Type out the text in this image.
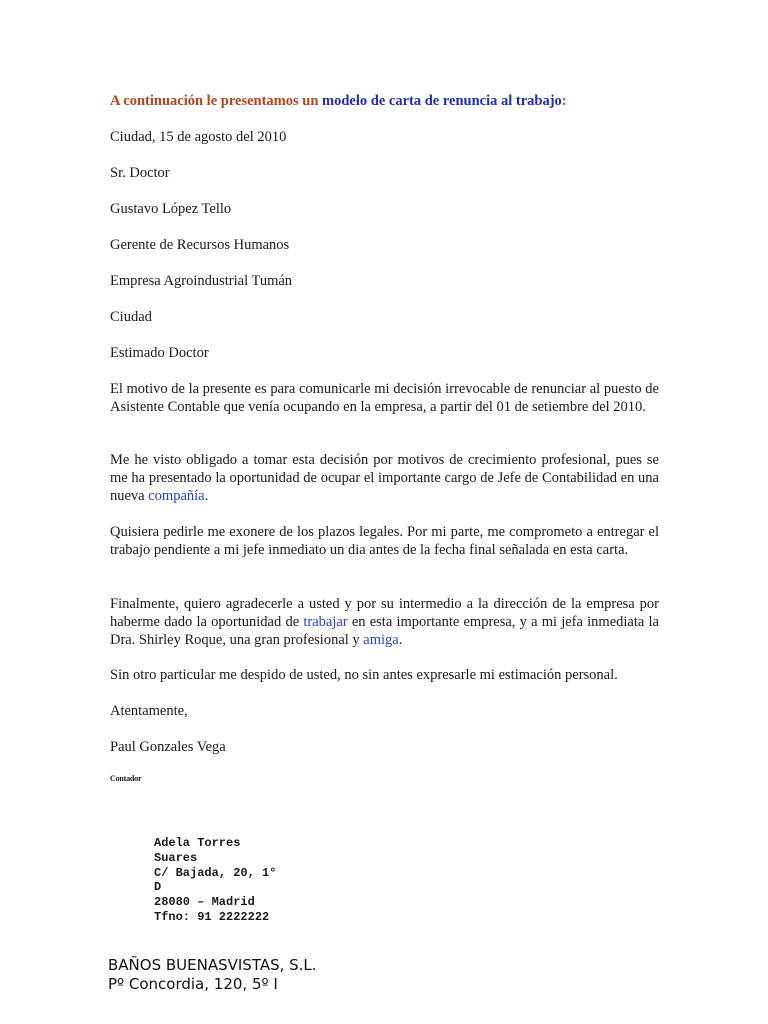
A continuación le presentamos un modelo de carta de renuncia al trabajo:
Ciudad, 15 de agosto del 2010
Sr. Doctor
Gustavo López Tello
Gerente de Recursos Humanos
Empresa Agroindustrial Tumán
Ciudad
Estimado Doctor
El motivo de la presente es para comunicarle mi decisión irrevocable de renunciar al puesto de Asistente Contable que venía ocupando en la empresa, a partir del 01 de setiembre del 2010.
Me he visto obligado a tomar esta decisión por motivos de crecimiento profesional, pues se me ha presentado la oportunidad de ocupar el importante cargo de Jefe de Contabilidad en una nueva compañía.
Quisiera pedirle me exonere de los plazos legales. Por mi parte, me comprometo a entregar el trabajo pendiente a mi jefe inmediato un dia antes de la fecha final señalada en esta carta.
Finalmente, quiero agradecerle a usted y por su intermedio a la dirección de la empresa por haberme dado la oportunidad de trabajar en esta importante empresa, y a mi jefa inmediata la Dra. Shirley Roque, una gran profesional y amiga.
Sin otro particular me despido de usted, no sin antes expresarle mi estimación personal.
Atentamente,
Paul Gonzales Vega
Contador
Adela Torres
Suares
C/ Bajada, 20, 1°
D
28080 – Madrid
Tfno: 91 2222222
BAÑOS BUENASVISTAS, S.L.
Pº Concordia, 120, 5º I
